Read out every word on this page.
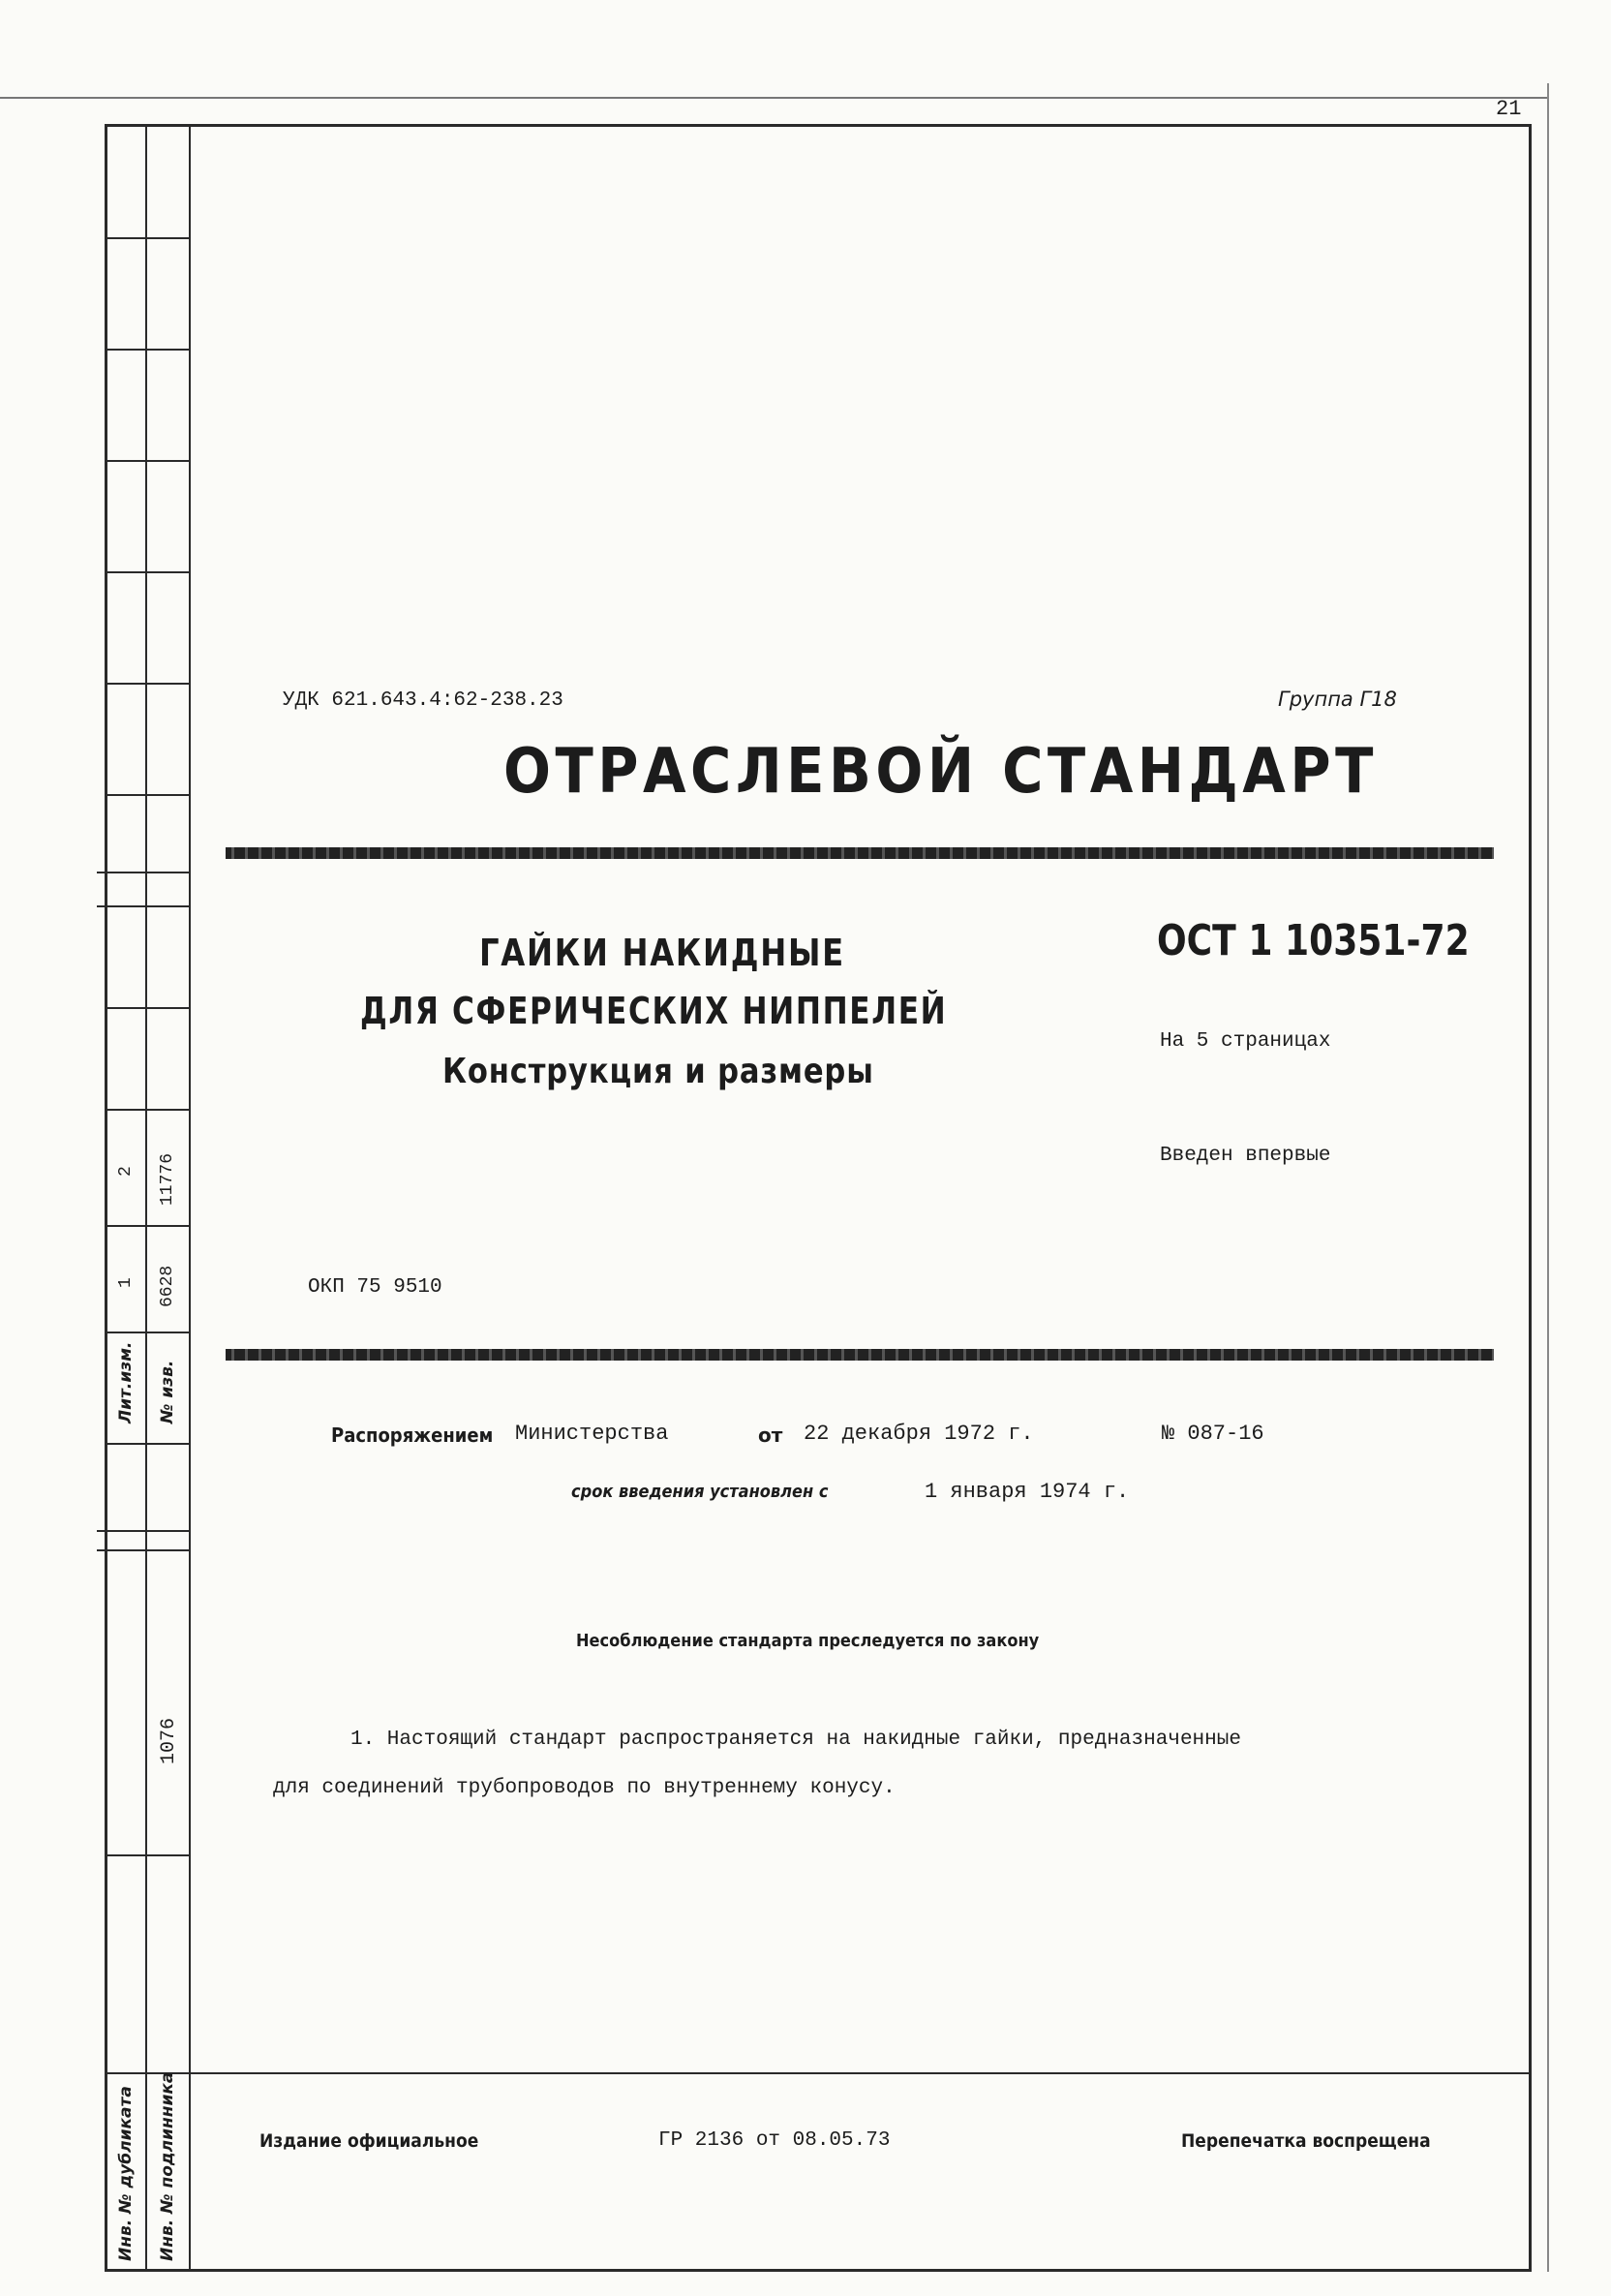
21
УДК 621.643.4:62-238.23	Группа Г18
ОТРАСЛЕВОЙ СТАНДАРТ
ГАЙКИ НАКИДНЫЕ
ДЛЯ СФЕРИЧЕСКИХ НИППЕЛЕЙ
Конструкция и размеры
ОСТ 1 10351-72
На 5 страницах
Введен впервые
ОКП 75 9510
Распоряжением Министерства	от 22 декабря 1972 г.	№ 087-16
срок введения установлен с	1 января 1974 г.
Несоблюдение стандарта преследуется по закону
1. Настоящий стандарт распространяется на накидные гайки, предназначенные
для соединений трубопроводов по внутреннему конусу.
Издание официальное	ГР 2136 от 08.05.73	Перепечатка воспрещена
Лит.изм. № изв.
1 6628
2 11776
Инв. № дубликата Инв. № подлинника
1076
